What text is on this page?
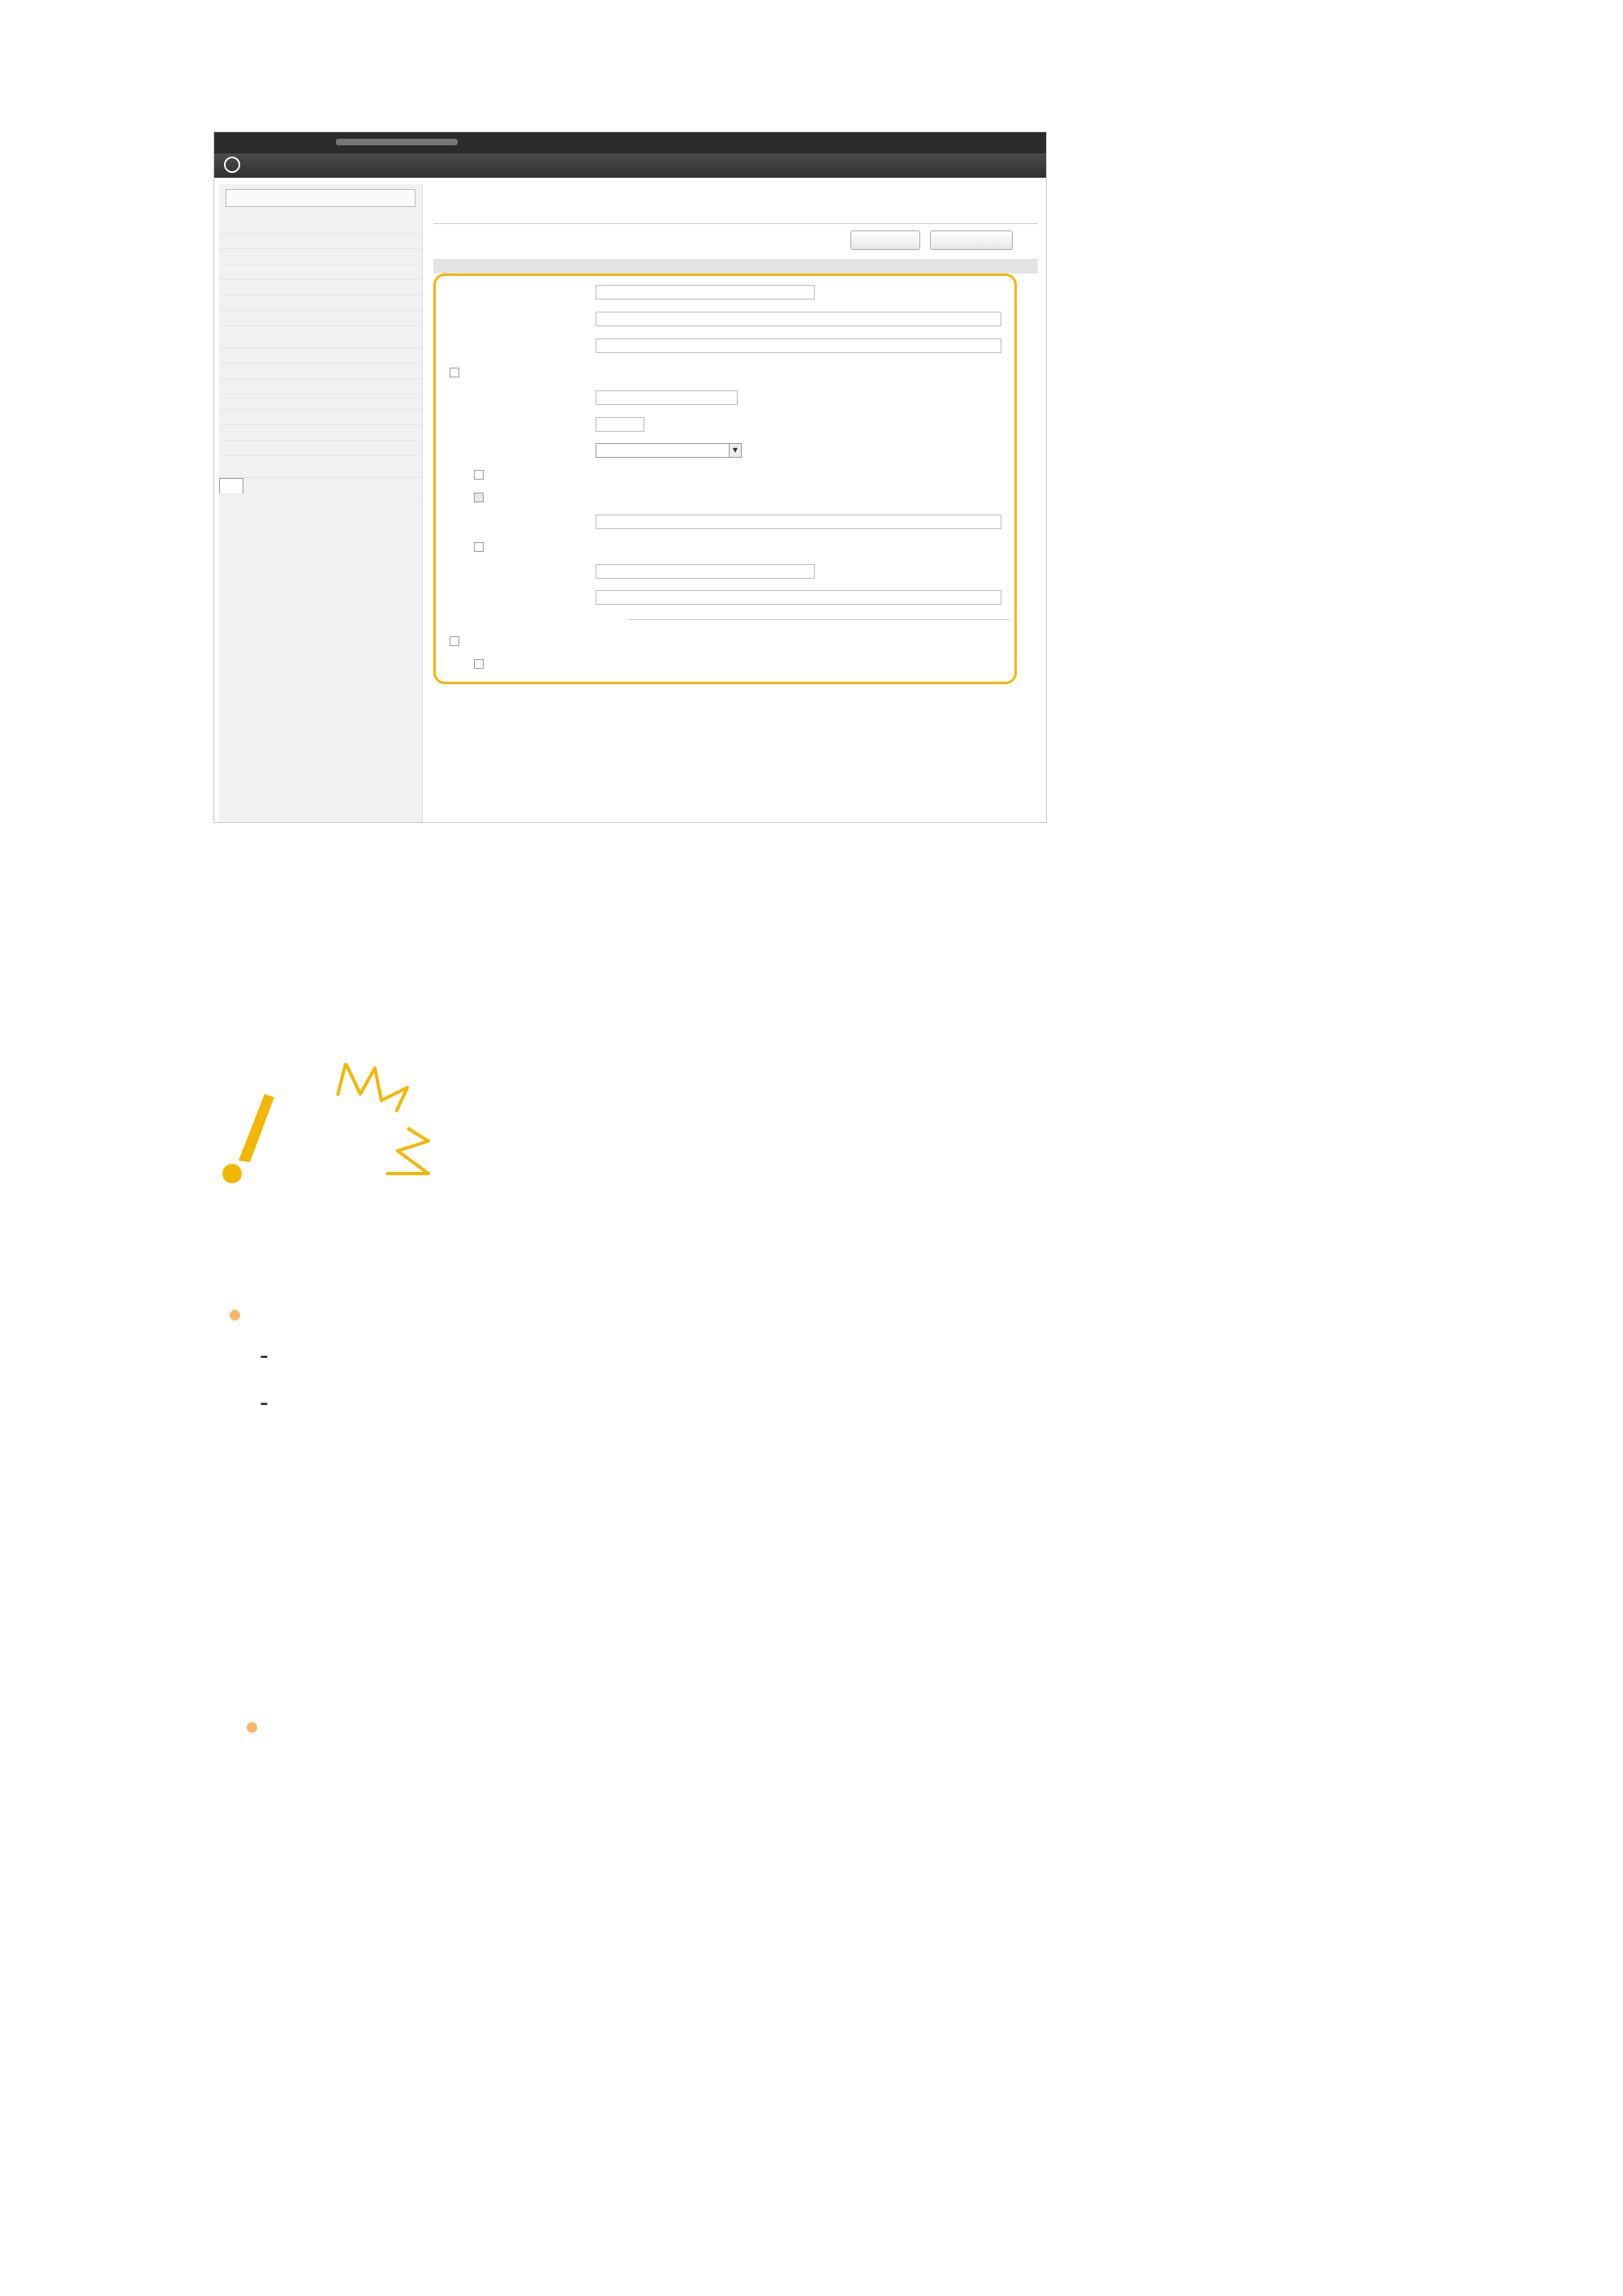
▼
-
-
